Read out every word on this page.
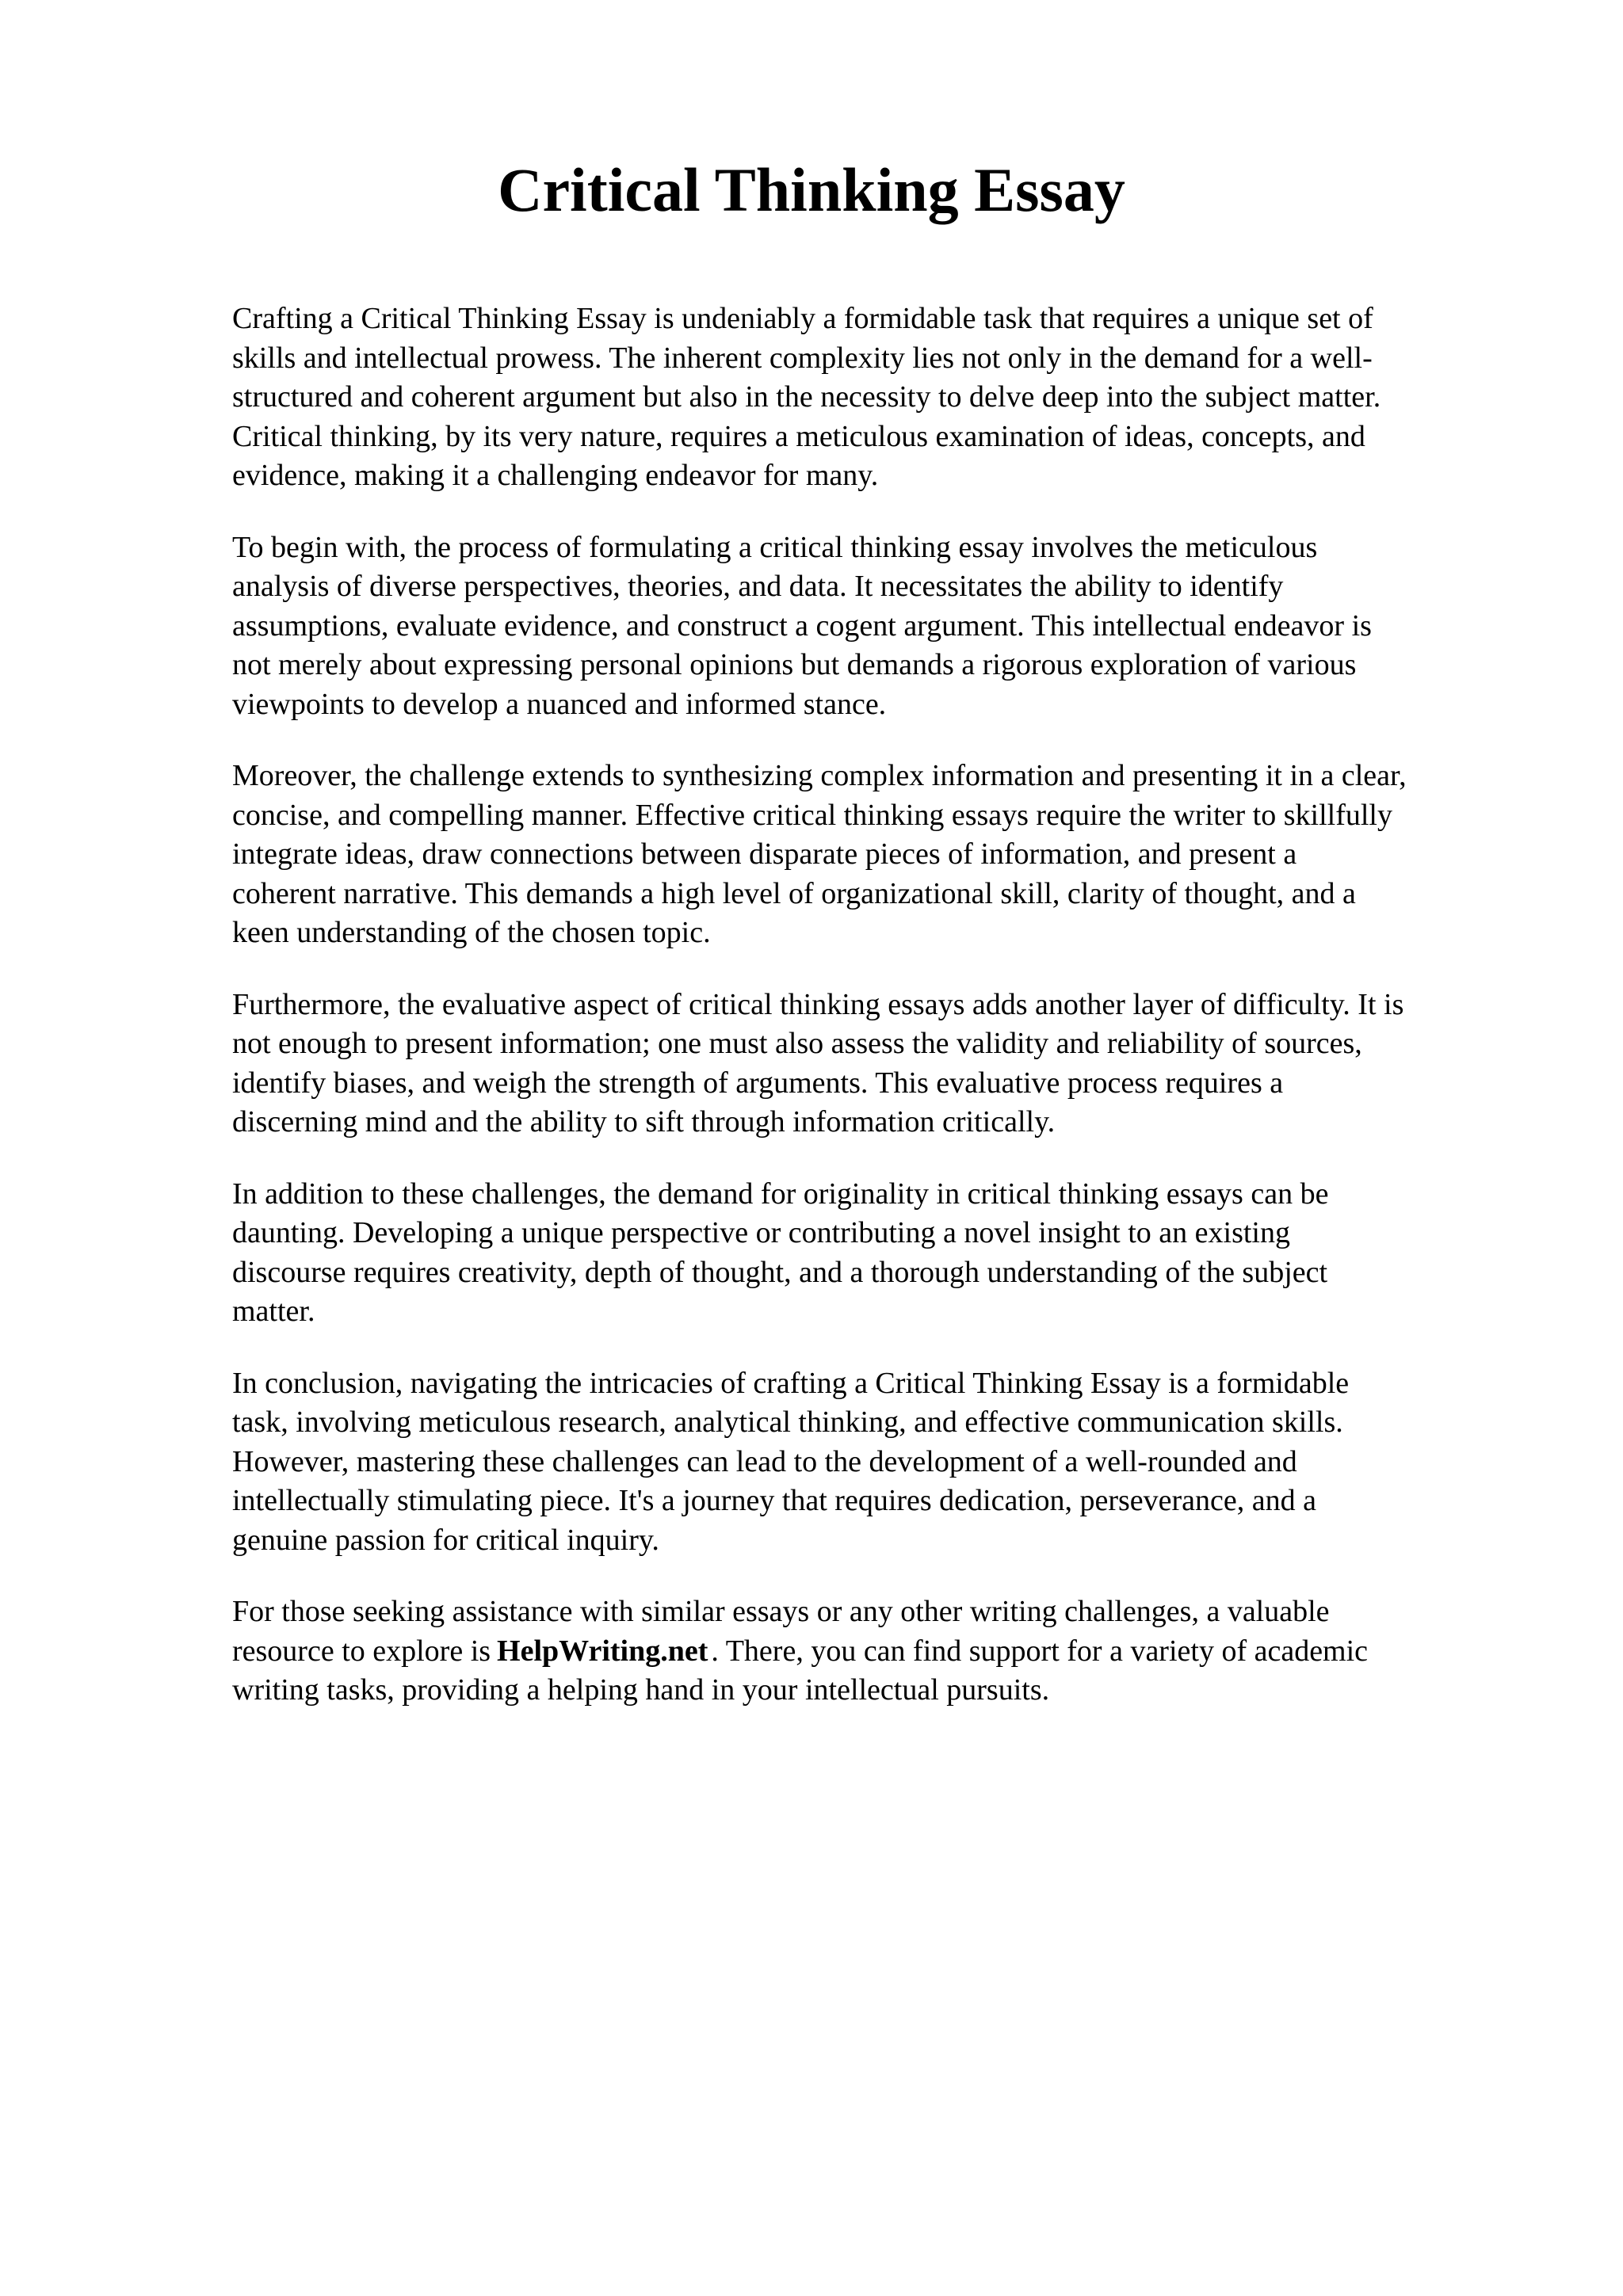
Critical Thinking Essay

Crafting a Critical Thinking Essay is undeniably a formidable task that requires a unique set of
skills and intellectual prowess. The inherent complexity lies not only in the demand for a well-
structured and coherent argument but also in the necessity to delve deep into the subject matter.
Critical thinking, by its very nature, requires a meticulous examination of ideas, concepts, and
evidence, making it a challenging endeavor for many.

To begin with, the process of formulating a critical thinking essay involves the meticulous
analysis of diverse perspectives, theories, and data. It necessitates the ability to identify
assumptions, evaluate evidence, and construct a cogent argument. This intellectual endeavor is
not merely about expressing personal opinions but demands a rigorous exploration of various
viewpoints to develop a nuanced and informed stance.

Moreover, the challenge extends to synthesizing complex information and presenting it in a clear,
concise, and compelling manner. Effective critical thinking essays require the writer to skillfully
integrate ideas, draw connections between disparate pieces of information, and present a
coherent narrative. This demands a high level of organizational skill, clarity of thought, and a
keen understanding of the chosen topic.

Furthermore, the evaluative aspect of critical thinking essays adds another layer of difficulty. It is
not enough to present information; one must also assess the validity and reliability of sources,
identify biases, and weigh the strength of arguments. This evaluative process requires a
discerning mind and the ability to sift through information critically.

In addition to these challenges, the demand for originality in critical thinking essays can be
daunting. Developing a unique perspective or contributing a novel insight to an existing
discourse requires creativity, depth of thought, and a thorough understanding of the subject
matter.

In conclusion, navigating the intricacies of crafting a Critical Thinking Essay is a formidable
task, involving meticulous research, analytical thinking, and effective communication skills.
However, mastering these challenges can lead to the development of a well-rounded and
intellectually stimulating piece. It's a journey that requires dedication, perseverance, and a
genuine passion for critical inquiry.

For those seeking assistance with similar essays or any other writing challenges, a valuable
resource to explore is HelpWriting.net . There, you can find support for a variety of academic
writing tasks, providing a helping hand in your intellectual pursuits.
